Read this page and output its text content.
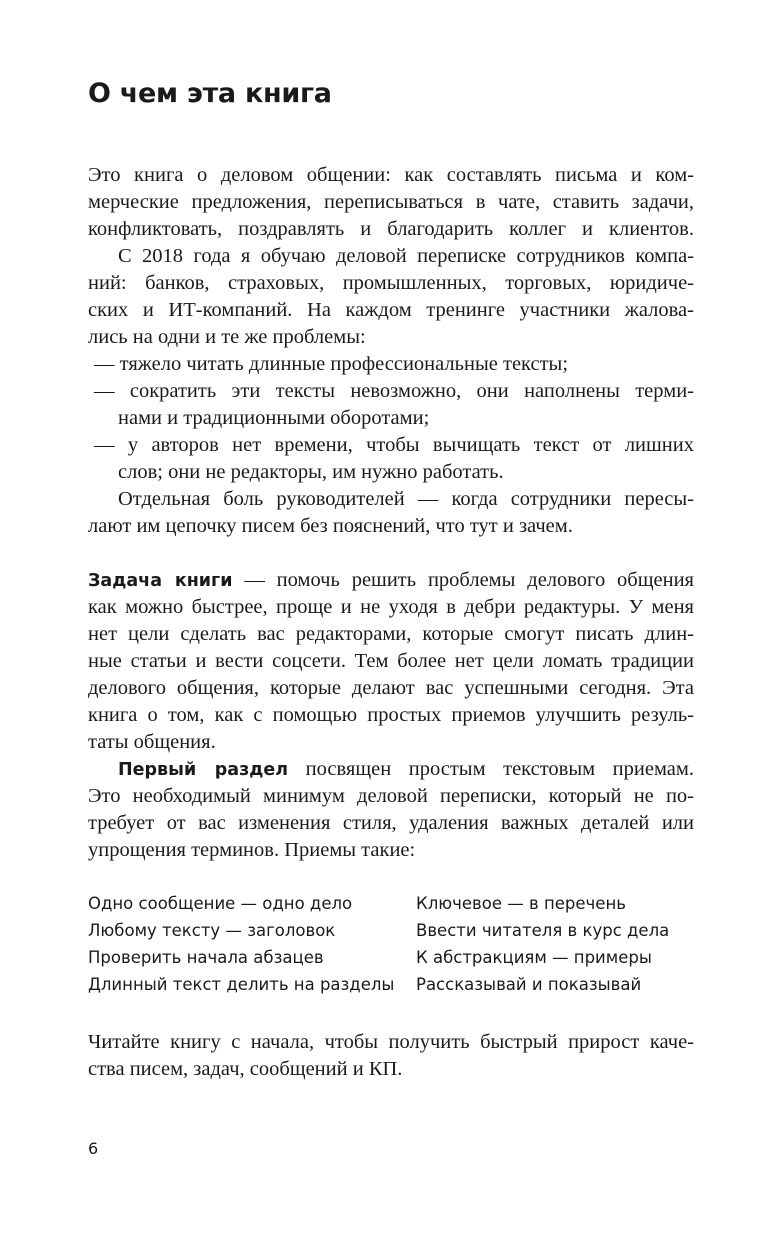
О чем эта книга
Это книга о деловом общении: как составлять письма и ком-
мерческие предложения, переписываться в чате, ставить задачи,
конфликтовать, поздравлять и благодарить коллег и клиентов.
С 2018 года я обучаю деловой переписке сотрудников компа-
ний: банков, страховых, промышленных, торговых, юридиче-
ских и ИТ-компаний. На каждом тренинге участники жалова-
лись на одни и те же проблемы:
— тяжело читать длинные профессиональные тексты;
— сократить эти тексты невозможно, они наполнены терми-
нами и традиционными оборотами;
— у авторов нет времени, чтобы вычищать текст от лишних
слов; они не редакторы, им нужно работать.
Отдельная боль руководителей — когда сотрудники пересы-
лают им цепочку писем без пояснений, что тут и зачем.
Задача книги — помочь решить проблемы делового общения
как можно быстрее, проще и не уходя в дебри редактуры. У меня
нет цели сделать вас редакторами, которые смогут писать длин-
ные статьи и вести соцсети. Тем более нет цели ломать традиции
делового общения, которые делают вас успешными сегодня. Эта
книга о том, как с помощью простых приемов улучшить резуль-
таты общения.
Первый раздел посвящен простым текстовым приемам.
Это необходимый минимум деловой переписки, который не по-
требует от вас изменения стиля, удаления важных деталей или
упрощения терминов. Приемы такие:
Одно сообщение — одно дело
Любому тексту — заголовок
Проверить начала абзацев
Длинный текст делить на разделы
Ключевое — в перечень
Ввести читателя в курс дела
К абстракциям — примеры
Рассказывай и показывай
Читайте книгу с начала, чтобы получить быстрый прирост каче-
ства писем, задач, сообщений и КП.
6
